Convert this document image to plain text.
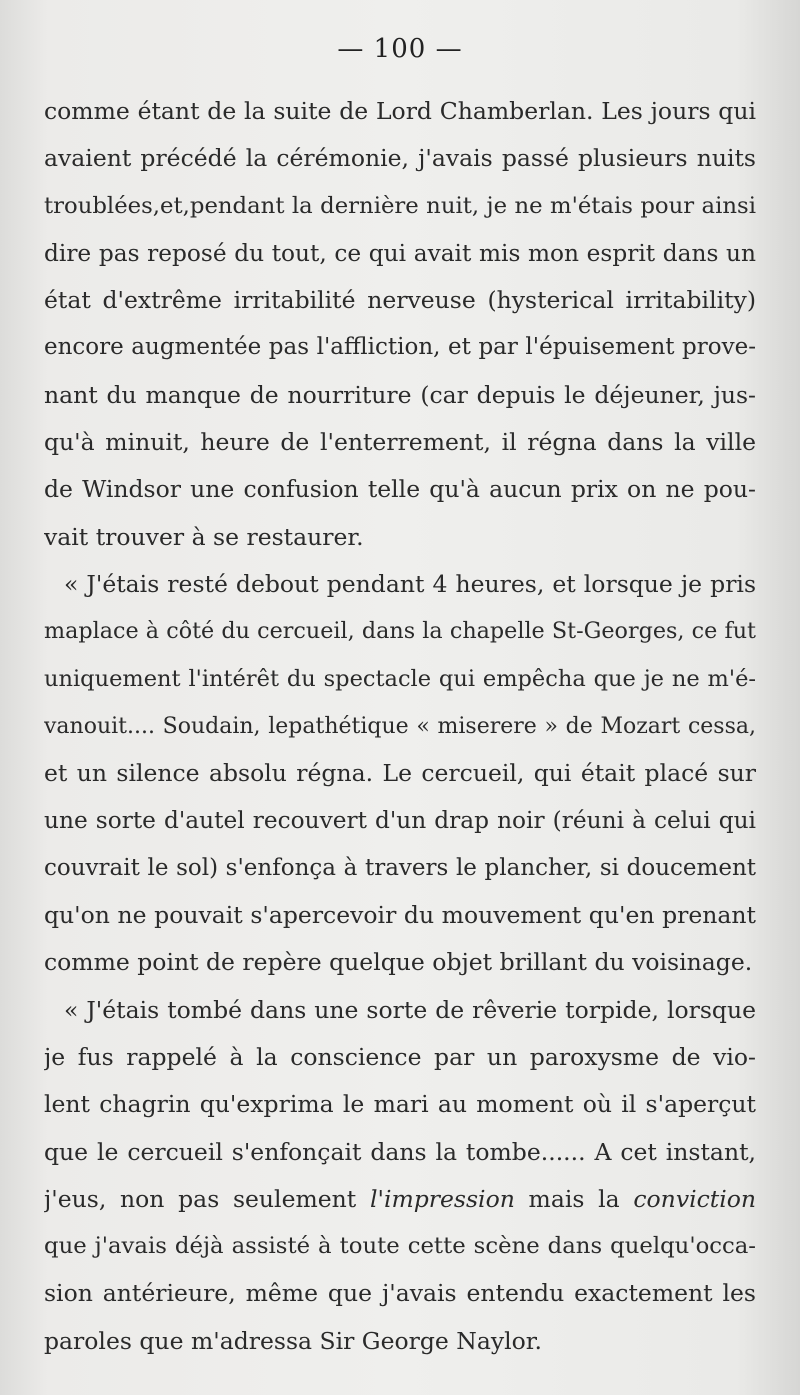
— 100 —
comme étant de la suite de Lord Chamberlan. Les jours qui
avaient précédé la cérémonie, j'avais passé plusieurs nuits
troublées,et,pendant la dernière nuit, je ne m'étais pour ainsi
dire pas reposé du tout, ce qui avait mis mon esprit dans un
état d'extrême irritabilité nerveuse (hysterical irritability)
encore augmentée pas l'affliction, et par l'épuisement prove-
nant du manque de nourriture (car depuis le déjeuner, jus-
qu'à minuit, heure de l'enterrement, il régna dans la ville
de Windsor une confusion telle qu'à aucun prix on ne pou-
vait trouver à se restaurer.
« J'étais resté debout pendant 4 heures, et lorsque je pris
maplace à côté du cercueil, dans la chapelle St-Georges, ce fut
uniquement l'intérêt du spectacle qui empêcha que je ne m'é-
vanouit.... Soudain, lepathétique « miserere » de Mozart cessa,
et un silence absolu régna. Le cercueil, qui était placé sur
une sorte d'autel recouvert d'un drap noir (réuni à celui qui
couvrait le sol) s'enfonça à travers le plancher, si doucement
qu'on ne pouvait s'apercevoir du mouvement qu'en prenant
comme point de repère quelque objet brillant du voisinage.
« J'étais tombé dans une sorte de rêverie torpide, lorsque
je fus rappelé à la conscience par un paroxysme de vio-
lent chagrin qu'exprima le mari au moment où il s'aperçut
que le cercueil s'enfonçait dans la tombe...... A cet instant,
j'eus, non pas seulement l'impression mais la conviction
que j'avais déjà assisté à toute cette scène dans quelqu'occa-
sion antérieure, même que j'avais entendu exactement les
paroles que m'adressa Sir George Naylor.
